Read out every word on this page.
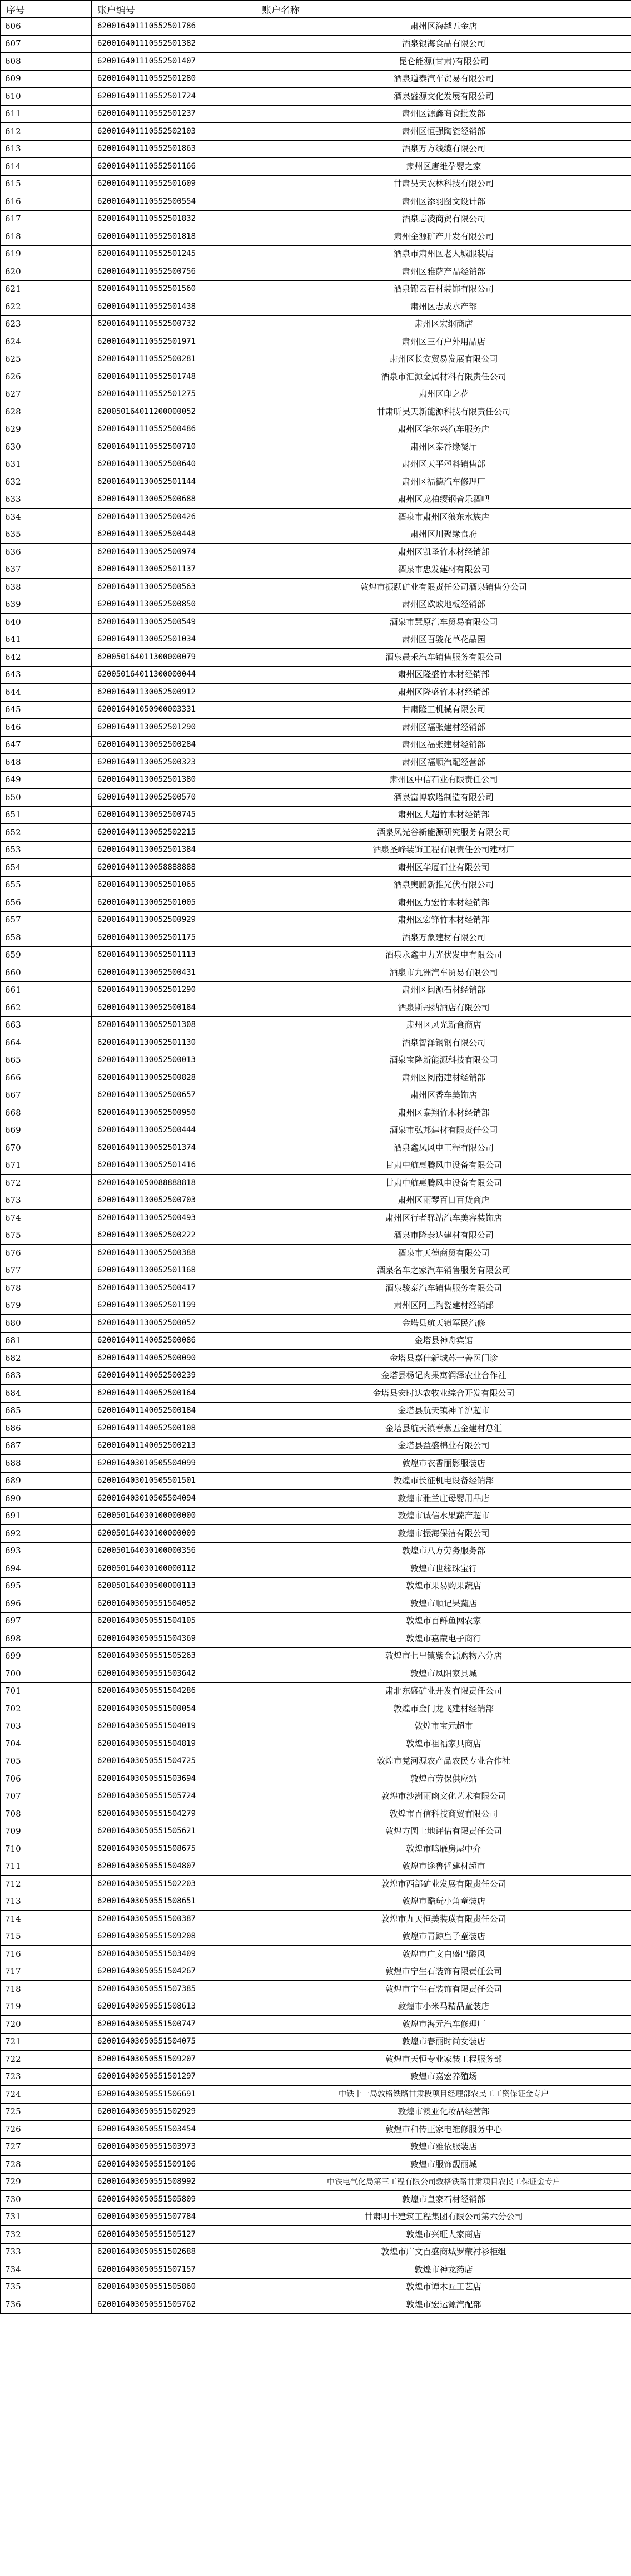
序号	账户编号	账户名称
606	620016401110552501786	肃州区海越五金店
607	620016401110552501382	酒泉银海食品有限公司
608	620016401110552501407	昆仑能源(甘肃)有限公司
609	620016401110552501280	酒泉道泰汽车贸易有限公司
610	620016401110552501724	酒泉盛源文化发展有限公司
611	620016401110552501237	肃州区源鑫商食批发部
612	620016401110552502103	肃州区恒强陶瓷经销部
613	620016401110552501863	酒泉万方线缆有限公司
614	620016401110552501166	肃州区唐维孕婴之家
615	620016401110552501609	甘肃昊天农林科技有限公司
616	620016401110552500554	肃州区添羽图文设计部
617	620016401110552501832	酒泉志凌商贸有限公司
618	620016401110552501818	肃州金源矿产开发有限公司
619	620016401110552501245	酒泉市肃州区老人城服装店
620	620016401110552500756	肃州区雅萨产品经销部
621	620016401110552501560	酒泉锦云石材装饰有限公司
622	620016401110552501438	肃州区志成水产部
623	620016401110552500732	肃州区宏纲商店
624	620016401110552501971	肃州区三有户外用品店
625	620016401110552500281	肃州区长安贸易发展有限公司
626	620016401110552501748	酒泉市汇源金属材料有限责任公司
627	620016401110552501275	肃州区印之花
628	620050164011200000052	甘肃昕昊天新能源科技有限责任公司
629	620016401110552500486	肃州区华尔兴汽车服务店
630	620016401110552500710	肃州区泰香缘餐厅
631	620016401130052500640	肃州区天平塑料销售部
632	620016401130052501144	肃州区福德汽车修理厂
633	620016401130052500688	肃州区龙柏缨钢音乐酒吧
634	620016401130052500426	酒泉市肃州区狼东水族店
635	620016401130052500448	肃州区川聚缘食府
636	620016401130052500974	肃州区凯圣竹木材经销部
637	620016401130052501137	酒泉市忠发建材有限公司
638	620016401130052500563	敦煌市振跃矿业有限责任公司酒泉销售分公司
639	620016401130052500850	肃州区欧欧地板经销部
640	620016401130052500549	酒泉市慧原汽车贸易有限公司
641	620016401130052501034	肃州区百骏花草花品园
642	620050164011300000079	酒泉晨禾汽车销售服务有限公司
643	620050164011300000044	肃州区隆盛竹木材经销部
644	620016401130052500912	肃州区隆盛竹木材经销部
645	620016401050900003331	甘肃隆工机械有限公司
646	620016401130052501290	肃州区福张建材经销部
647	620016401130052500284	肃州区福张建材经销部
648	620016401130052500323	肃州区福顺汽配经营部
649	620016401130052501380	肃州区中信石业有限责任公司
650	620016401130052500570	酒泉富博软塔制造有限公司
651	620016401130052500745	肃州区大超竹木材经销部
652	620016401130052502215	酒泉风光谷新能源研究服务有限公司
653	620016401130052501384	酒泉圣峰装饰工程有限责任公司建材厂
654	620016401130058888888	肃州区华厦石业有限公司
655	620016401130052501065	酒泉奥鹏新推光伏有限公司
656	620016401130052501005	肃州区力宏竹木材经销部
657	620016401130052500929	肃州区宏锋竹木材经销部
658	620016401130052501175	酒泉万象建材有限公司
659	620016401130052501113	酒泉永鑫电力光伏发电有限公司
660	620016401130052500431	酒泉市九洲汽车贸易有限公司
661	620016401130052501290	肃州区闽源石材经销部
662	620016401130052500184	酒泉斯丹纳酒店有限公司
663	620016401130052501308	肃州区风光新食商店
664	620016401130052501130	酒泉智泽钢钢有限公司
665	620016401130052500013	酒泉宝隆新能源科技有限公司
666	620016401130052500828	肃州区阅南建材经销部
667	620016401130052500657	肃州区香车美饰店
668	620016401130052500950	肃州区泰翔竹木材经销部
669	620016401130052500444	酒泉市弘邦建材有限责任公司
670	620016401130052501374	酒泉鑫凤风电工程有限公司
671	620016401130052501416	甘肃中航惠腾风电设备有限公司
672	620016401050088888818	甘肃中航惠腾风电设备有限公司
673	620016401130052500703	肃州区丽琴百日百货商店
674	620016401130052500493	肃州区行者驿站汽车美容装饰店
675	620016401130052500222	酒泉市隆泰达建材有限公司
676	620016401130052500388	酒泉市天德商贸有限公司
677	620016401130052501168	酒泉名车之家汽车销售服务有限公司
678	620016401130052500417	酒泉骏泰汽车销售服务有限公司
679	620016401130052501199	肃州区阿三陶瓷建材经销部
680	620016401130052500052	金塔县航天镇军民汽修
681	620016401140052500086	金塔县神舟宾馆
682	620016401140052500090	金塔县嘉佳新城苏一善医门诊
683	620016401140052500239	金塔县杨记肉果寓润泽农业合作社
684	620016401140052500164	金塔县宏时达农牧业综合开发有限公司
685	620016401140052500184	金塔县航天镇神丫沪超市
686	620016401140052500108	金塔县航天镇春燕五金建材总汇
687	620016401140052500213	金塔县益盛棉业有限公司
688	620016403010505504099	敦煌市衣香丽影服装店
689	620016403010505501501	敦煌市长征机电设备经销部
690	620016403010505504094	敦煌市雅兰庄母婴用品店
691	620050164030100000000	敦煌市诚信水果蔬产超市
692	620050164030100000009	敦煌市振海保洁有限公司
693	620050164030100000356	敦煌市八方劳务服务部
694	620050164030100000112	敦煌市世缘珠宝行
695	620050164030500000113	敦煌市果易购果蔬店
696	620016403050551504052	敦煌市顺记果蔬店
697	620016403050551504105	敦煌市百鲜鱼网农家
698	620016403050551504369	敦煌市嘉蒙电子商行
699	620016403050551505263	敦煌市七里镇紫金源购物六分店
700	620016403050551503642	敦煌市凤阳家具城
701	620016403050551504286	肃北东盛矿业开发有限责任公司
702	620016403050551500054	敦煌市金门龙飞建材经销部
703	620016403050551504019	敦煌市宝元超市
704	620016403050551504819	敦煌市祖福家具商店
705	620016403050551504725	敦煌市党河源农产品农民专业合作社
706	620016403050551503694	敦煌市劳保供应站
707	620016403050551505724	敦煌市沙洲丽幽文化艺术有限公司
708	620016403050551504279	敦煌市百信科技商贸有限公司
709	620016403050551505621	敦煌方圆土地评估有限责任公司
710	620016403050551508675	敦煌市鸣雁房屋中介
711	620016403050551504807	敦煌市途鲁哲建材超市
712	620016403050551502203	敦煌市西部矿业发展有限责任公司
713	620016403050551508651	敦煌市酷玩小角童装店
714	620016403050551500387	敦煌市九天恒美装璜有限责任公司
715	620016403050551509208	敦煌市青鲸皇子童装店
716	620016403050551503409	敦煌市广文白盛巴酸风
717	620016403050551504267	敦煌市宁生石装饰有限责任公司
718	620016403050551507385	敦煌市宁生石装饰有限责任公司
719	620016403050551508613	敦煌市小米马精品童装店
720	620016403050551500747	敦煌市海元汽车修理厂
721	620016403050551504075	敦煌市春丽时尚女装店
722	620016403050551509207	敦煌市天恒专业家装工程服务部
723	620016403050551501297	敦煌市嘉宏养殖场
724	620016403050551506691	中铁十一局敦格铁路甘肃段项目经理部农民工工资保证金专户
725	620016403050551502929	敦煌市澳亚化妆品经营部
726	620016403050551503454	敦煌市和传正家电维修服务中心
727	620016403050551503973	敦煌市雅依服装店
728	620016403050551509106	敦煌市服饰靓丽城
729	620016403050551508992	中铁电气化局第三工程有限公司敦格铁路甘肃项目农民工保证金专户
730	620016403050551505809	敦煌市皇家石材经销部
731	620016403050551507784	甘肃明丰建筑工程集团有限公司第六分公司
732	620016403050551505127	敦煌市兴旺人家商店
733	620016403050551502688	敦煌市广文百盛商城罗蒙衬衫柜组
734	620016403050551507157	敦煌市神龙药店
735	620016403050551505860	敦煌市谭木匠工艺店
736	620016403050551505762	敦煌市宏运源汽配部
